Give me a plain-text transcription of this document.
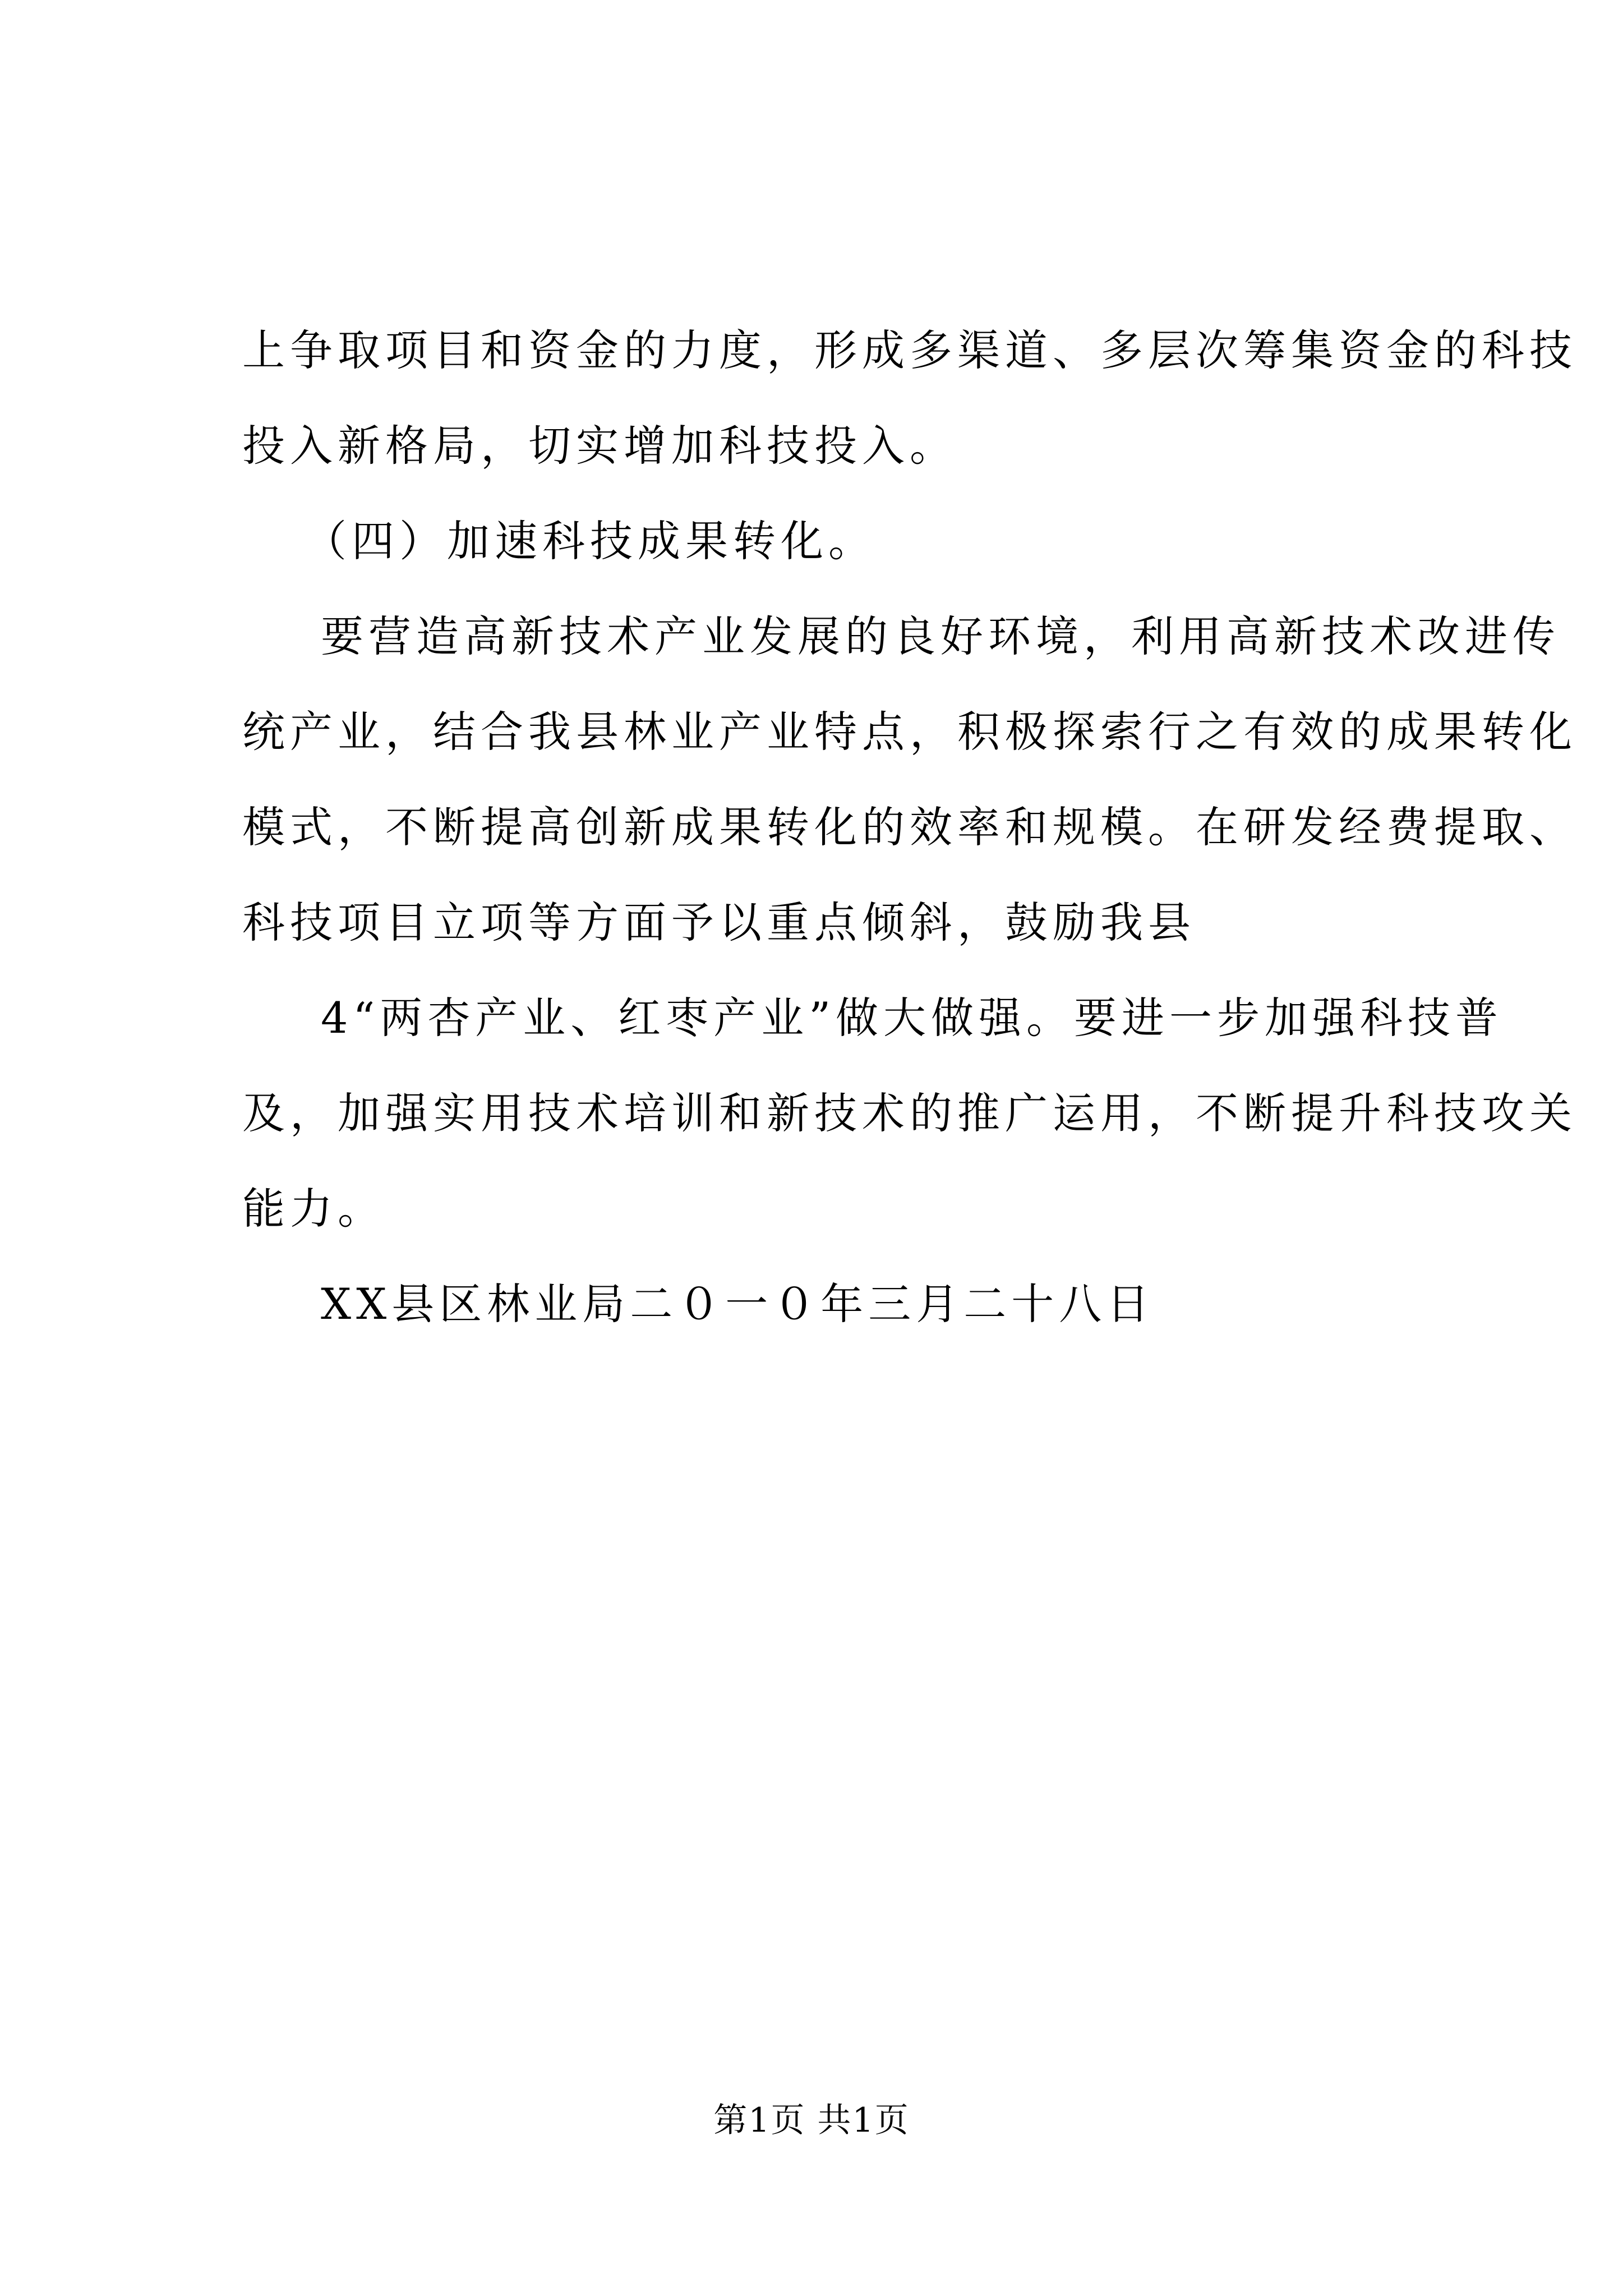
上争取项目和资金的力度，形成多渠道、多层次筹集资金的科技
投入新格局，切实增加科技投入。
（四）加速科技成果转化。
要营造高新技术产业发展的良好环境，利用高新技术改进传
统产业，结合我县林业产业特点，积极探索行之有效的成果转化
模式，不断提高创新成果转化的效率和规模。在研发经费提取、
科技项目立项等方面予以重点倾斜，鼓励我县
4“两杏产业、红枣产业”做大做强。要进一步加强科技普
及，加强实用技术培训和新技术的推广运用，不断提升科技攻关
能力。
XX县区林业局二０一０年三月二十八日
第1页 共1页
